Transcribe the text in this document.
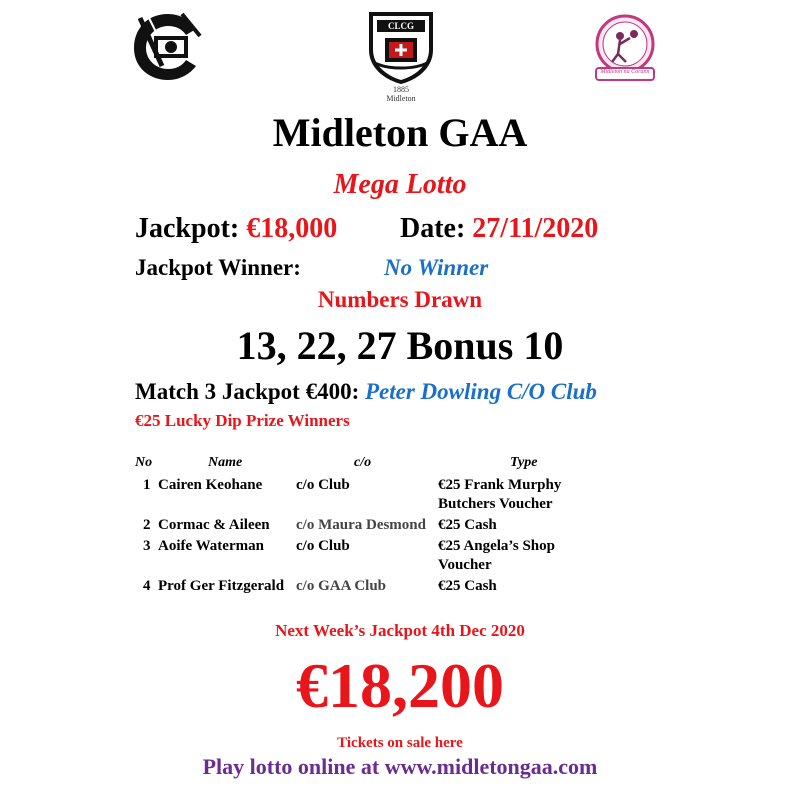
CLCG
1885
Midleton
Midleton na Corann
Midleton GAA
Mega Lotto
Jackpot: €18,000 Date: 27/11/2020
Jackpot Winner:	No Winner
Numbers Drawn
13, 22, 27 Bonus 10
Match 3 Jackpot €400: Peter Dowling C/O Club
€25 Lucky Dip Prize Winners
No	Name	c/o	Type
1 Cairen Keohane c/o Club	€25 Frank Murphy
Butchers Voucher
2 Cormac & Aileen c/o Maura Desmond €25 Cash
3 Aoife Waterman c/o Club	€25 Angela’s Shop
Voucher
4 Prof Ger Fitzgerald c/o GAA Club	€25 Cash
Next Week’s Jackpot 4th Dec 2020
€18,200
Tickets on sale here
Play lotto online at www.midletongaa.com
